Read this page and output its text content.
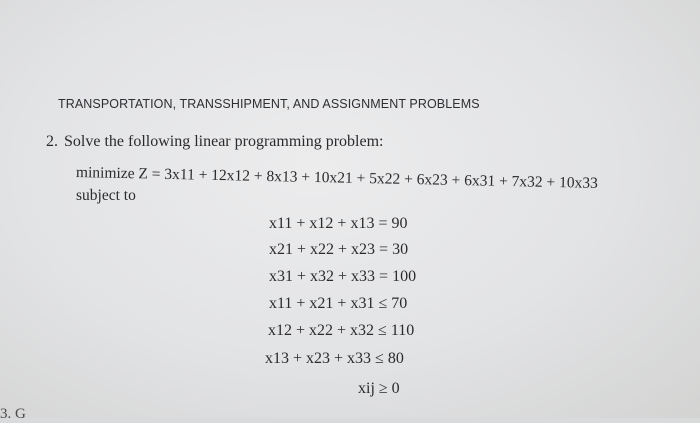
TRANSPORTATION, TRANSSHIPMENT, AND ASSIGNMENT PROBLEMS
2. Solve the following linear programming problem:
minimize Z = 3x11 + 12x12 + 8x13 + 10x21 + 5x22 + 6x23 + 6x31 + 7x32 + 10x33
subject to
x11 + x12 + x13 = 90
x21 + x22 + x23 = 30
x31 + x32 + x33 = 100
x11 + x21 + x31 ≤ 70
x12 + x22 + x32 ≤ 110
x13 + x23 + x33 ≤ 80
xij ≥ 0
3. G
